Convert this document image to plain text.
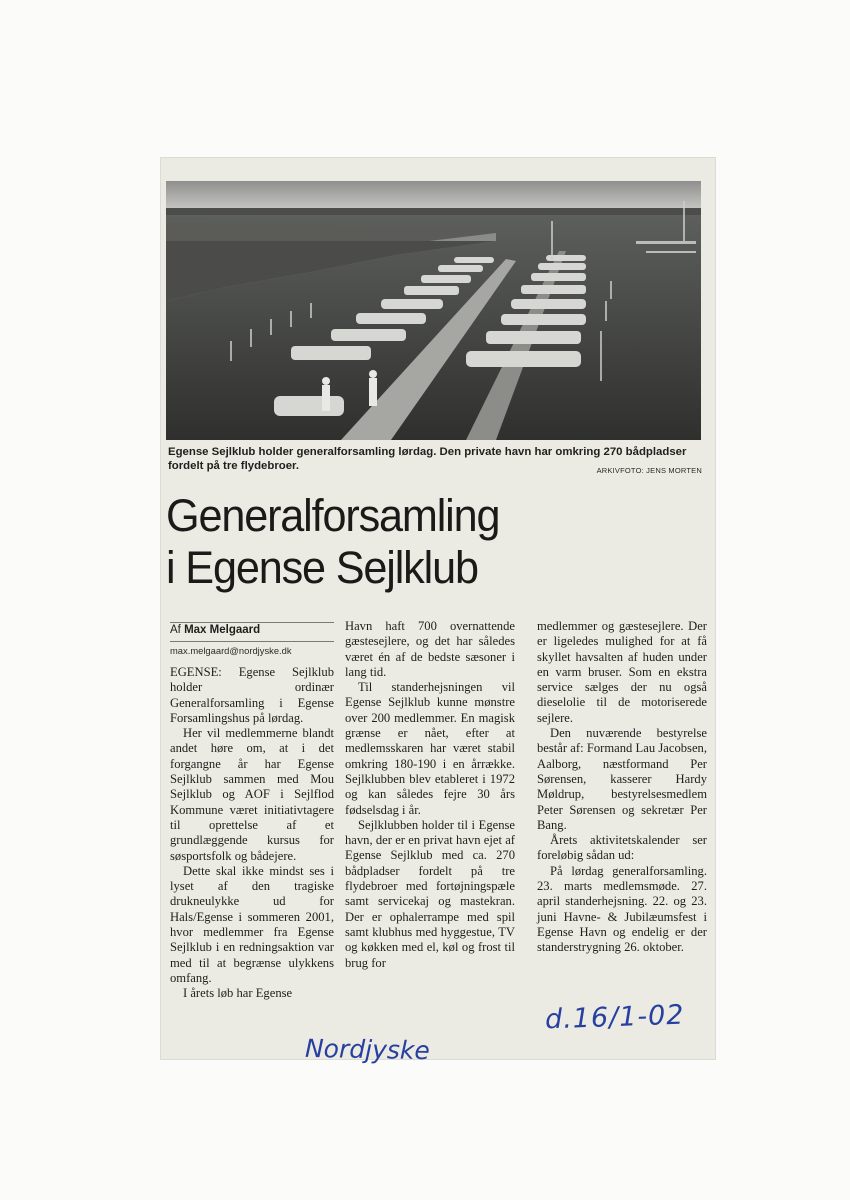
Egense Sejlklub holder generalforsamling lørdag. Den private havn har omkring 270 bådpladser fordelt på tre flydebroer.	ARKIVFOTO: JENS MORTEN
Generalforsamling
i Egense Sejlklub
Af Max Melgaard
max.melgaard@nordjyske.dk

EGENSE: Egense Sejlklub holder ordinær Generalforsamling i Egense Forsamlingshus på lørdag.

Her vil medlemmerne blandt andet høre om, at i det forgangne år har Egense Sejlklub sammen med Mou Sejlklub og AOF i Sejlflod Kommune været initiativtagere til oprettelse af et grundlæggende kursus for søsportsfolk og bådejere.

Dette skal ikke mindst ses i lyset af den tragiske drukneulykke ud for Hals/Egense i sommeren 2001, hvor medlemmer fra Egense Sejlklub i en redningsaktion var med til at begrænse ulykkens omfang.

I årets løb har Egense

Havn haft 700 overnattende gæstesejlere, og det har således været én af de bedste sæsoner i lang tid.

Til standerhejsningen vil Egense Sejlklub kunne mønstre over 200 medlemmer. En magisk grænse er nået, efter at medlemsskaren har været stabil omkring 180-190 i en årrække. Sejlklubben blev etableret i 1972 og kan således fejre 30 års fødselsdag i år.

Sejlklubben holder til i Egense havn, der er en privat havn ejet af Egense Sejlklub med ca. 270 bådpladser fordelt på tre flydebroer med fortøjningspæle samt servicekaj og mastekran. Der er ophalerrampe med spil samt klubhus med hyggestue, TV og køkken med el, køl og frost til brug for

medlemmer og gæstesejlere. Der er ligeledes mulighed for at få skyllet havsalten af huden under en varm bruser. Som en ekstra service sælges der nu også dieselolie til de motoriserede sejlere.

Den nuværende bestyrelse består af: Formand Lau Jacobsen, Aalborg, næstformand Per Sørensen, kasserer Hardy Møldrup, bestyrelsesmedlem Peter Sørensen og sekretær Per Bang.

Årets aktivitetskalender ser foreløbig sådan ud:

På lørdag generalforsamling. 23. marts medlemsmøde. 27. april standerhejsning. 22. og 23. juni Havne- & Jubilæumsfest i Egense Havn og endelig er der standerstrygning 26. oktober.

d.16/1-02
Nordjyske
